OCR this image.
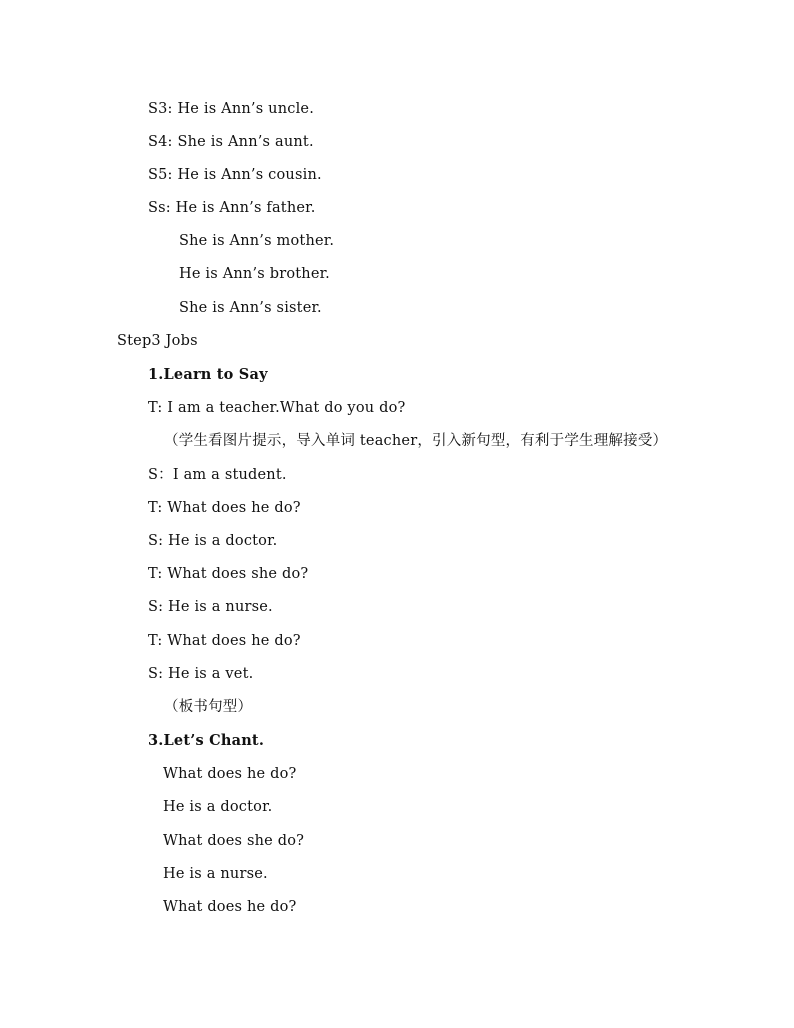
S3: He is Ann’s uncle.
S4: She is Ann’s aunt.
S5: He is Ann’s cousin.
Ss: He is Ann’s father.
She is Ann’s mother.
He is Ann’s brother.
She is Ann’s sister.
Step3 Jobs
1.Learn to Say
T: I am a teacher.What do you do?
（学生看图片提示，导入单词 teacher，引入新句型，有利于学生理解接受）
S：I am a student.
T: What does he do?
S: He is a doctor.
T: What does she do?
S: He is a nurse.
T: What does he do?
S: He is a vet.
（板书句型）
3.Let’s Chant.
What does he do?
He is a doctor.
What does she do?
He is a nurse.
What does he do?
